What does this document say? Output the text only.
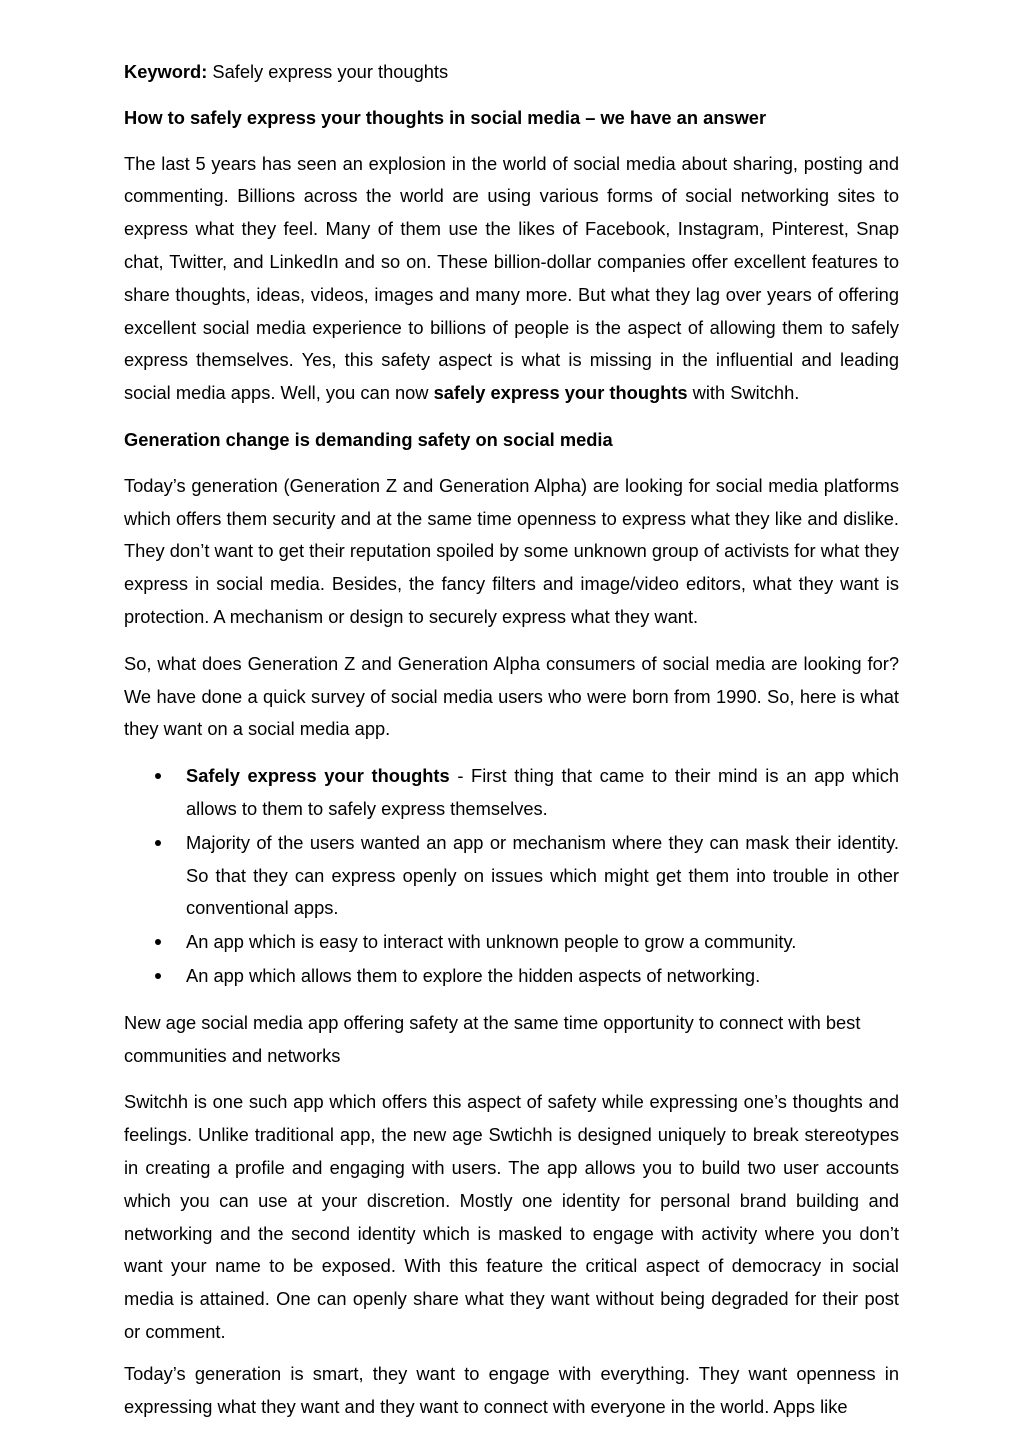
Keyword: Safely express your thoughts

How to safely express your thoughts in social media – we have an answer

The last 5 years has seen an explosion in the world of social media about sharing, posting and commenting. Billions across the world are using various forms of social networking sites to express what they feel. Many of them use the likes of Facebook, Instagram, Pinterest, Snap chat, Twitter, and LinkedIn and so on. These billion-dollar companies offer excellent features to share thoughts, ideas, videos, images and many more. But what they lag over years of offering excellent social media experience to billions of people is the aspect of allowing them to safely express themselves. Yes, this safety aspect is what is missing in the influential and leading social media apps. Well, you can now safely express your thoughts with Switchh.

Generation change is demanding safety on social media

Today’s generation (Generation Z and Generation Alpha) are looking for social media platforms which offers them security and at the same time openness to express what they like and dislike. They don’t want to get their reputation spoiled by some unknown group of activists for what they express in social media. Besides, the fancy filters and image/video editors, what they want is protection. A mechanism or design to securely express what they want.

So, what does Generation Z and Generation Alpha consumers of social media are looking for? We have done a quick survey of social media users who were born from 1990. So, here is what they want on a social media app.

Safely express your thoughts - First thing that came to their mind is an app which allows to them to safely express themselves.
Majority of the users wanted an app or mechanism where they can mask their identity. So that they can express openly on issues which might get them into trouble in other conventional apps.
An app which is easy to interact with unknown people to grow a community.
An app which allows them to explore the hidden aspects of networking.

New age social media app offering safety at the same time opportunity to connect with best communities and networks

Switchh is one such app which offers this aspect of safety while expressing one’s thoughts and feelings. Unlike traditional app, the new age Swtichh is designed uniquely to break stereotypes in creating a profile and engaging with users. The app allows you to build two user accounts which you can use at your discretion. Mostly one identity for personal brand building and networking and the second identity which is masked to engage with activity where you don’t want your name to be exposed. With this feature the critical aspect of democracy in social media is attained. One can openly share what they want without being degraded for their post or comment.

Today’s generation is smart, they want to engage with everything. They want openness in expressing what they want and they want to connect with everyone in the world. Apps like
